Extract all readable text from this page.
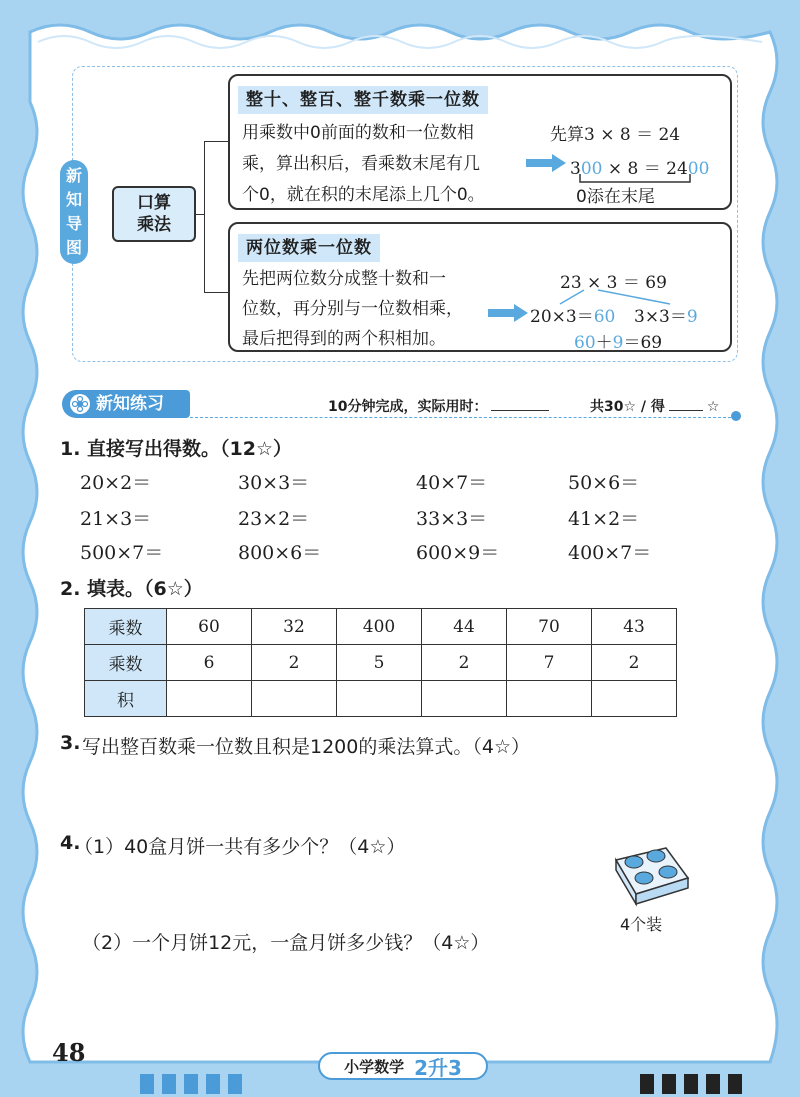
新
知
导
图
口算
乘法
整十、整百、整千数乘一位数
用乘数中0前面的数和一位数相
乘，算出积后，看乘数末尾有几
个0，就在积的末尾添上几个0。
先算3 × 8 ＝ 24
300 × 8 ＝ 2400
0添在末尾
两位数乘一位数
先把两位数分成整十数和一
位数，再分别与一位数相乘，
最后把得到的两个积相加。
23 × 3 ＝ 69
20×3＝60 3×3＝9
60＋9＝69
新知练习	10分钟完成，实际用时：	共30☆ / 得	☆
1. 直接写出得数。（12☆）
20×2＝	30×3＝	40×7＝	50×6＝
21×3＝	23×2＝	33×3＝	41×2＝
500×7＝	800×6＝	600×9＝	400×7＝
2. 填表。（6☆）
乘数	60	32	400	44	70	43
乘数	6	2	5	2	7	2
积						
3. 写出整百数乘一位数且积是1200的乘法算式。（4☆）
4.
（1）40盒月饼一共有多少个？（4☆）
（2）一个月饼12元，一盒月饼多少钱？（4☆）
4个装
48	小学数学 2升3
